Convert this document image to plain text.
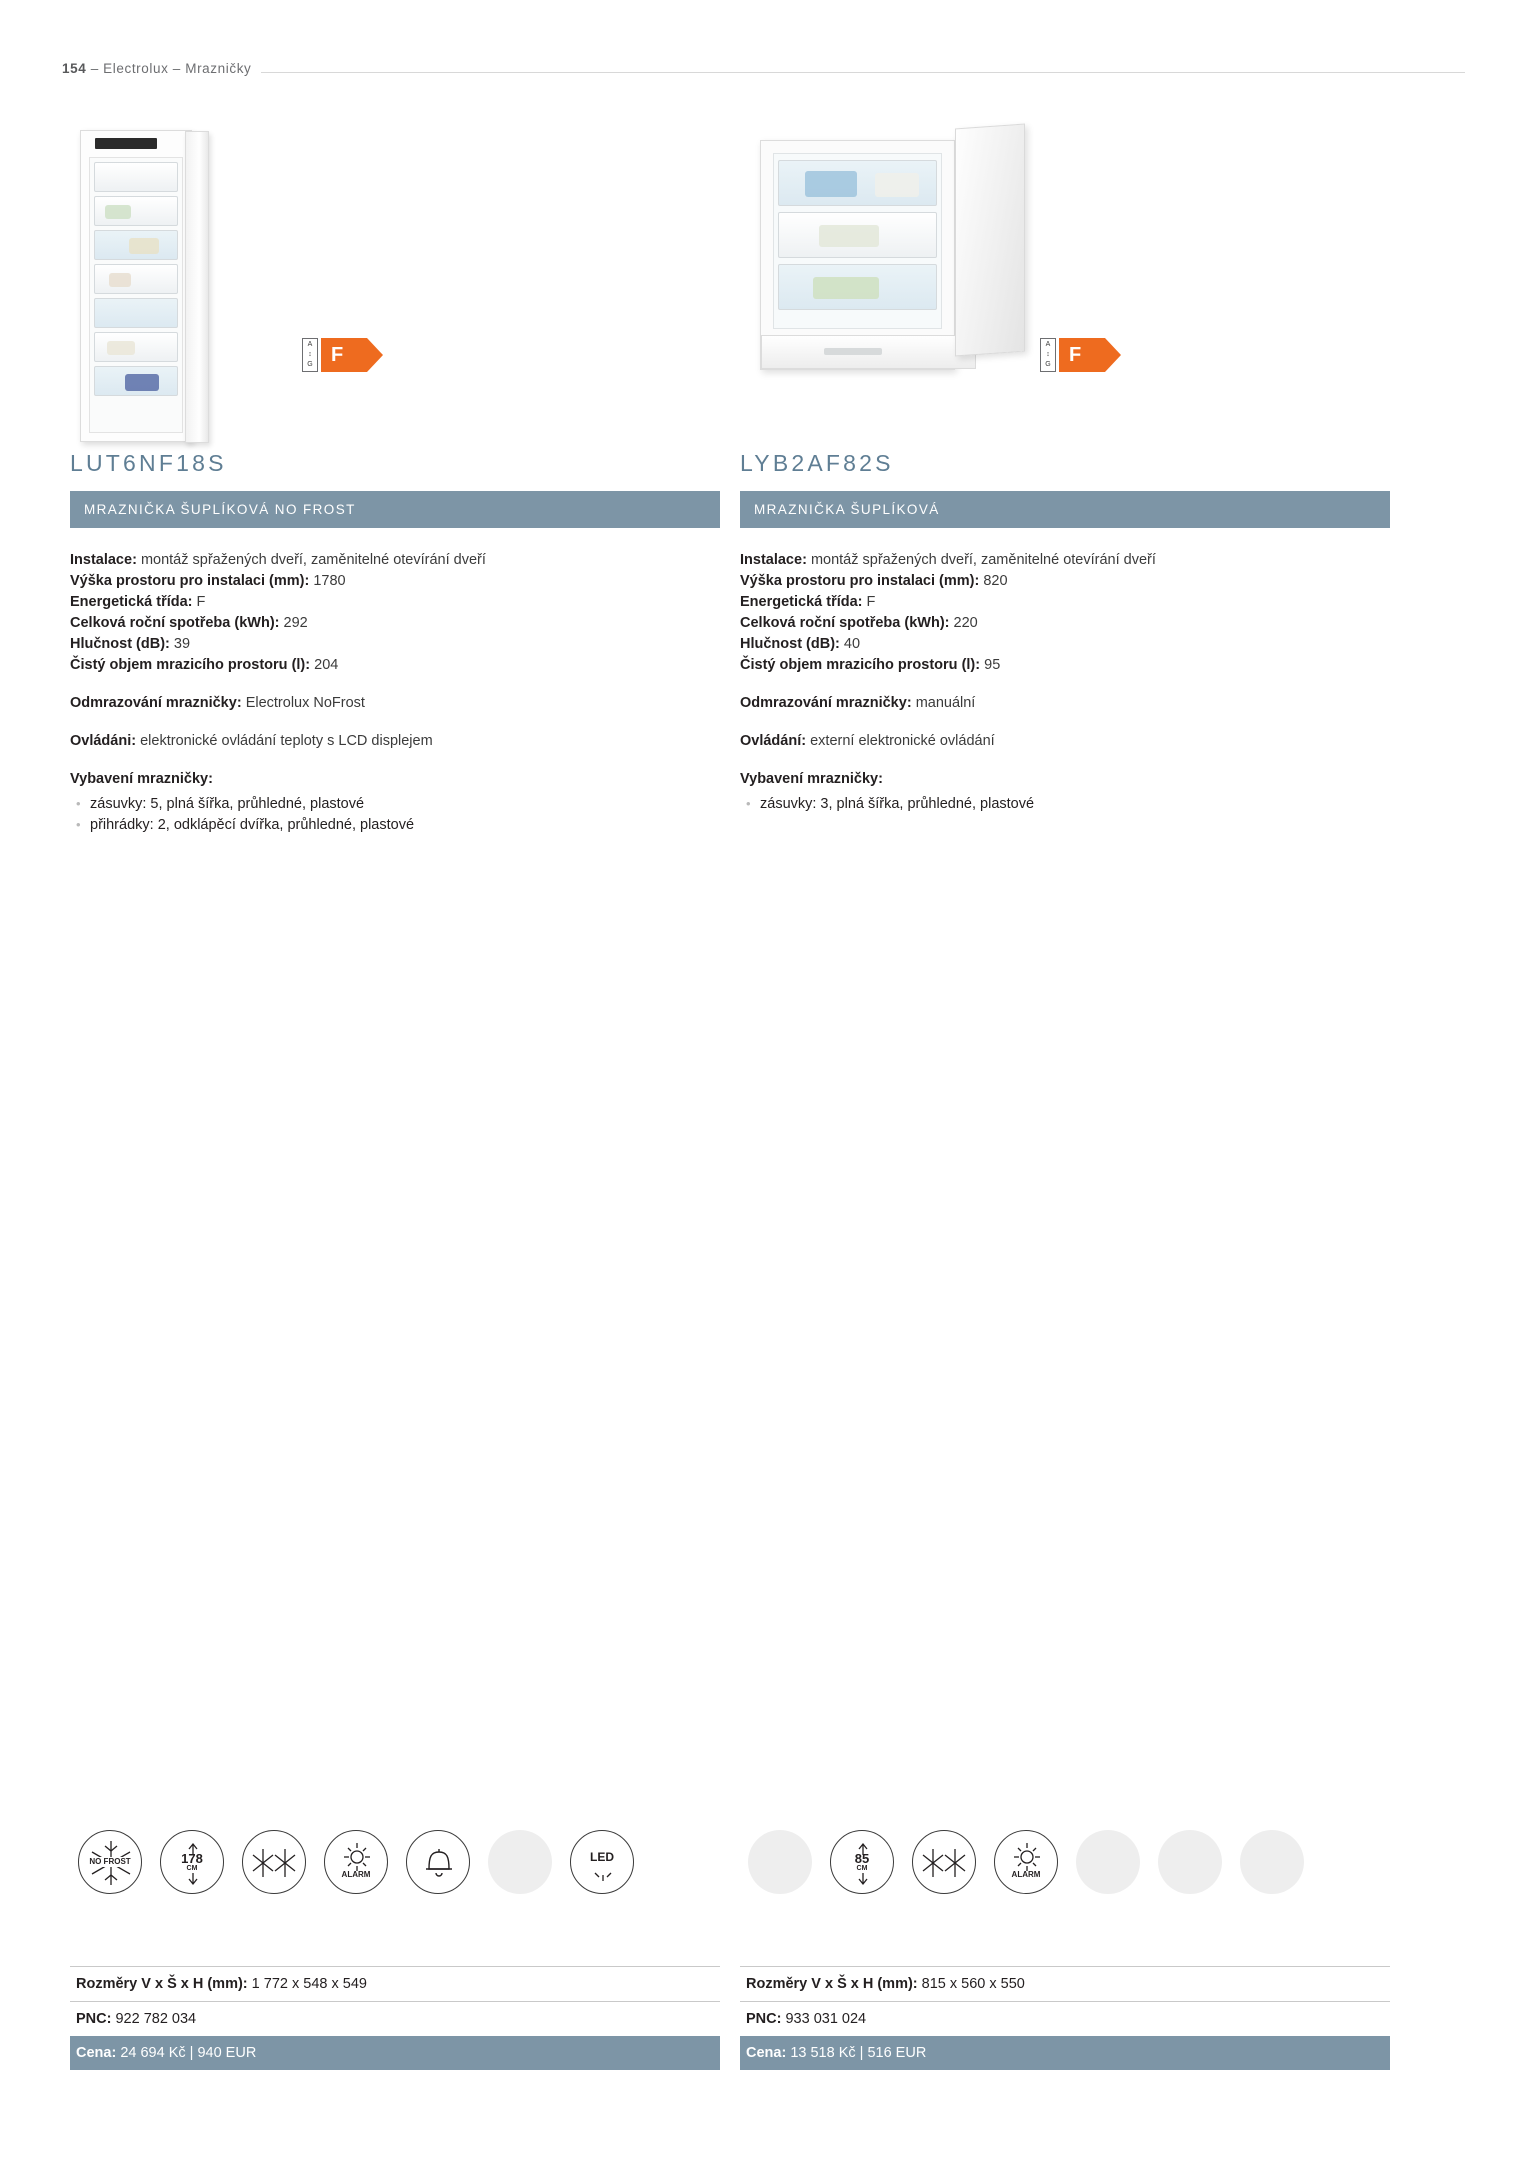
154 – Electrolux – Mrazničky
A
↕
G F
LUT6NF18S
MRAZNIČKA ŠUPLÍKOVÁ NO FROST
Instalace: montáž spřažených dveří, zaměnitelné otevírání dveří
Výška prostoru pro instalaci (mm): 1780
Energetická třída: F
Celková roční spotřeba (kWh): 292
Hlučnost (dB): 39
Čistý objem mrazicího prostoru (l): 204
Odmrazování mrazničky: Electrolux NoFrost
Ovládáni: elektronické ovládání teploty s LCD displejem
Vybavení mrazničky:
• zásuvky: 5, plná šířka, průhledné, plastové
• přihrádky: 2, odklápěcí dvířka, průhledné, plastové
A
↕
G F
LYB2AF82S
MRAZNIČKA ŠUPLÍKOVÁ
Instalace: montáž spřažených dveří, zaměnitelné otevírání dveří
Výška prostoru pro instalaci (mm): 820
Energetická třída: F
Celková roční spotřeba (kWh): 220
Hlučnost (dB): 40
Čistý objem mrazicího prostoru (l): 95
Odmrazování mrazničky: manuální
Ovládání: externí elektronické ovládání
Vybavení mrazničky:
• zásuvky: 3, plná šířka, průhledné, plastové
NO FROST	178
CM
ALARM
LED	85
CM
ALARM
Rozměry V x Š x H (mm): 1 772 x 548 x 549
PNC: 922 782 034
Cena: 24 694 Kč | 940 EUR
Rozměry V x Š x H (mm): 815 x 560 x 550
PNC: 933 031 024
Cena: 13 518 Kč | 516 EUR
